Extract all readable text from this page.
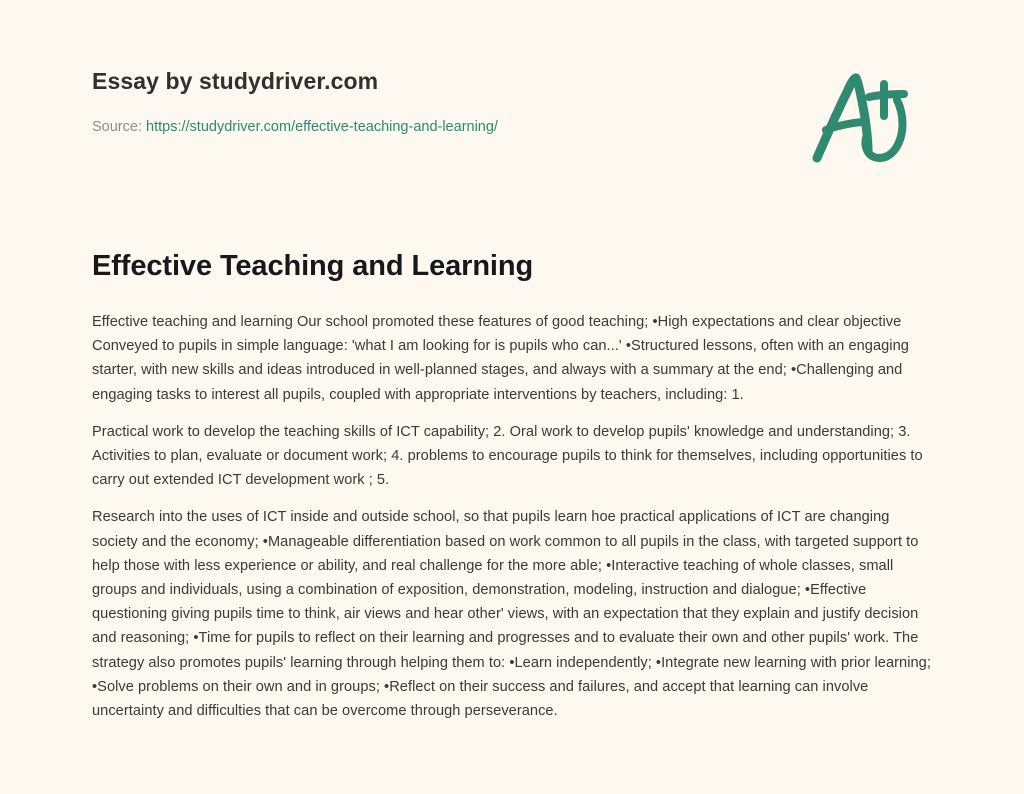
Essay by studydriver.com
Source: https://studydriver.com/effective-teaching-and-learning/
Effective Teaching and Learning

Effective teaching and learning Our school promoted these features of good teaching; •High expectations and clear objective Conveyed to pupils in simple language: 'what I am looking for is pupils who can...' •Structured lessons, often with an engaging starter, with new skills and ideas introduced in well-planned stages, and always with a summary at the end; •Challenging and engaging tasks to interest all pupils, coupled with appropriate interventions by teachers, including: 1.

Practical work to develop the teaching skills of ICT capability; 2. Oral work to develop pupils' knowledge and understanding; 3. Activities to plan, evaluate or document work; 4. problems to encourage pupils to think for themselves, including opportunities to carry out extended ICT development work ; 5.

Research into the uses of ICT inside and outside school, so that pupils learn hoe practical applications of ICT are changing society and the economy; •Manageable differentiation based on work common to all pupils in the class, with targeted support to help those with less experience or ability, and real challenge for the more able; •Interactive teaching of whole classes, small groups and individuals, using a combination of exposition, demonstration, modeling, instruction and dialogue; •Effective questioning giving pupils time to think, air views and hear other' views, with an expectation that they explain and justify decision and reasoning; •Time for pupils to reflect on their learning and progresses and to evaluate their own and other pupils' work. The strategy also promotes pupils' learning through helping them to: •Learn independently; •Integrate new learning with prior learning; •Solve problems on their own and in groups; •Reflect on their success and failures, and accept that learning can involve uncertainty and difficulties that can be overcome through perseverance.
